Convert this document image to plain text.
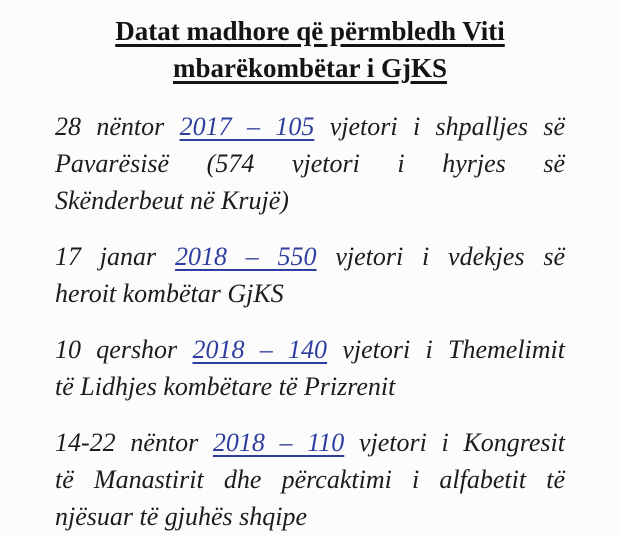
Datat madhore që përmbledh Viti
mbarëkombëtar i GjKS
28 nëntor 2017 – 105 vjetori i shpalljes së
Pavarësisë (574 vjetori i hyrjes së
Skënderbeut në Krujë)
17 janar 2018 – 550 vjetori i vdekjes së
heroit kombëtar GjKS
10 qershor 2018 – 140 vjetori i Themelimit
të Lidhjes kombëtare të Prizrenit
14-22 nëntor 2018 – 110 vjetori i Kongresit
të Manastirit dhe përcaktimi i alfabetit të
njësuar të gjuhës shqipe
